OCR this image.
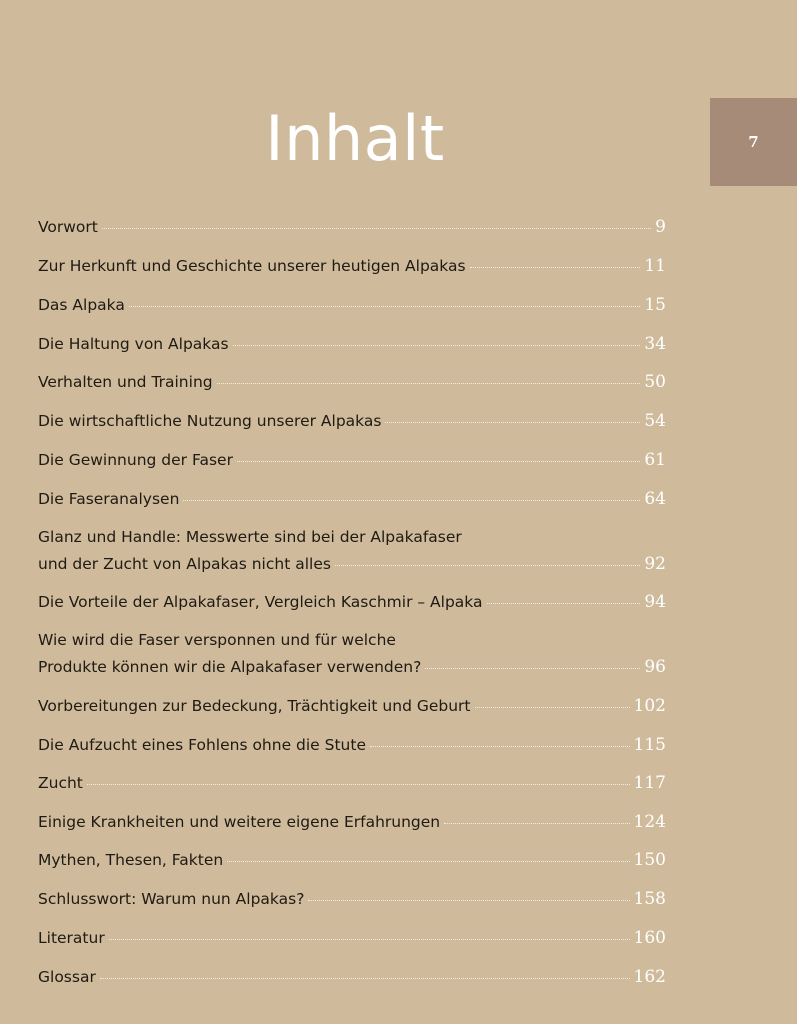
7
Inhalt
Vorwort	9
Zur Herkunft und Geschichte unserer heutigen Alpakas	11
Das Alpaka	15
Die Haltung von Alpakas	34
Verhalten und Training	50
Die wirtschaftliche Nutzung unserer Alpakas	54
Die Gewinnung der Faser	61
Die Faseranalysen	64
Glanz und Handle: Messwerte sind bei der Alpakafaser
und der Zucht von Alpakas nicht alles	92
Die Vorteile der Alpakafaser, Vergleich Kaschmir – Alpaka	94
Wie wird die Faser versponnen und für welche
Produkte können wir die Alpakafaser verwenden?	96
Vorbereitungen zur Bedeckung, Trächtigkeit und Geburt	102
Die Aufzucht eines Fohlens ohne die Stute	115
Zucht	117
Einige Krankheiten und weitere eigene Erfahrungen	124
Mythen, Thesen, Fakten	150
Schlusswort: Warum nun Alpakas?	158
Literatur	160
Glossar	162
